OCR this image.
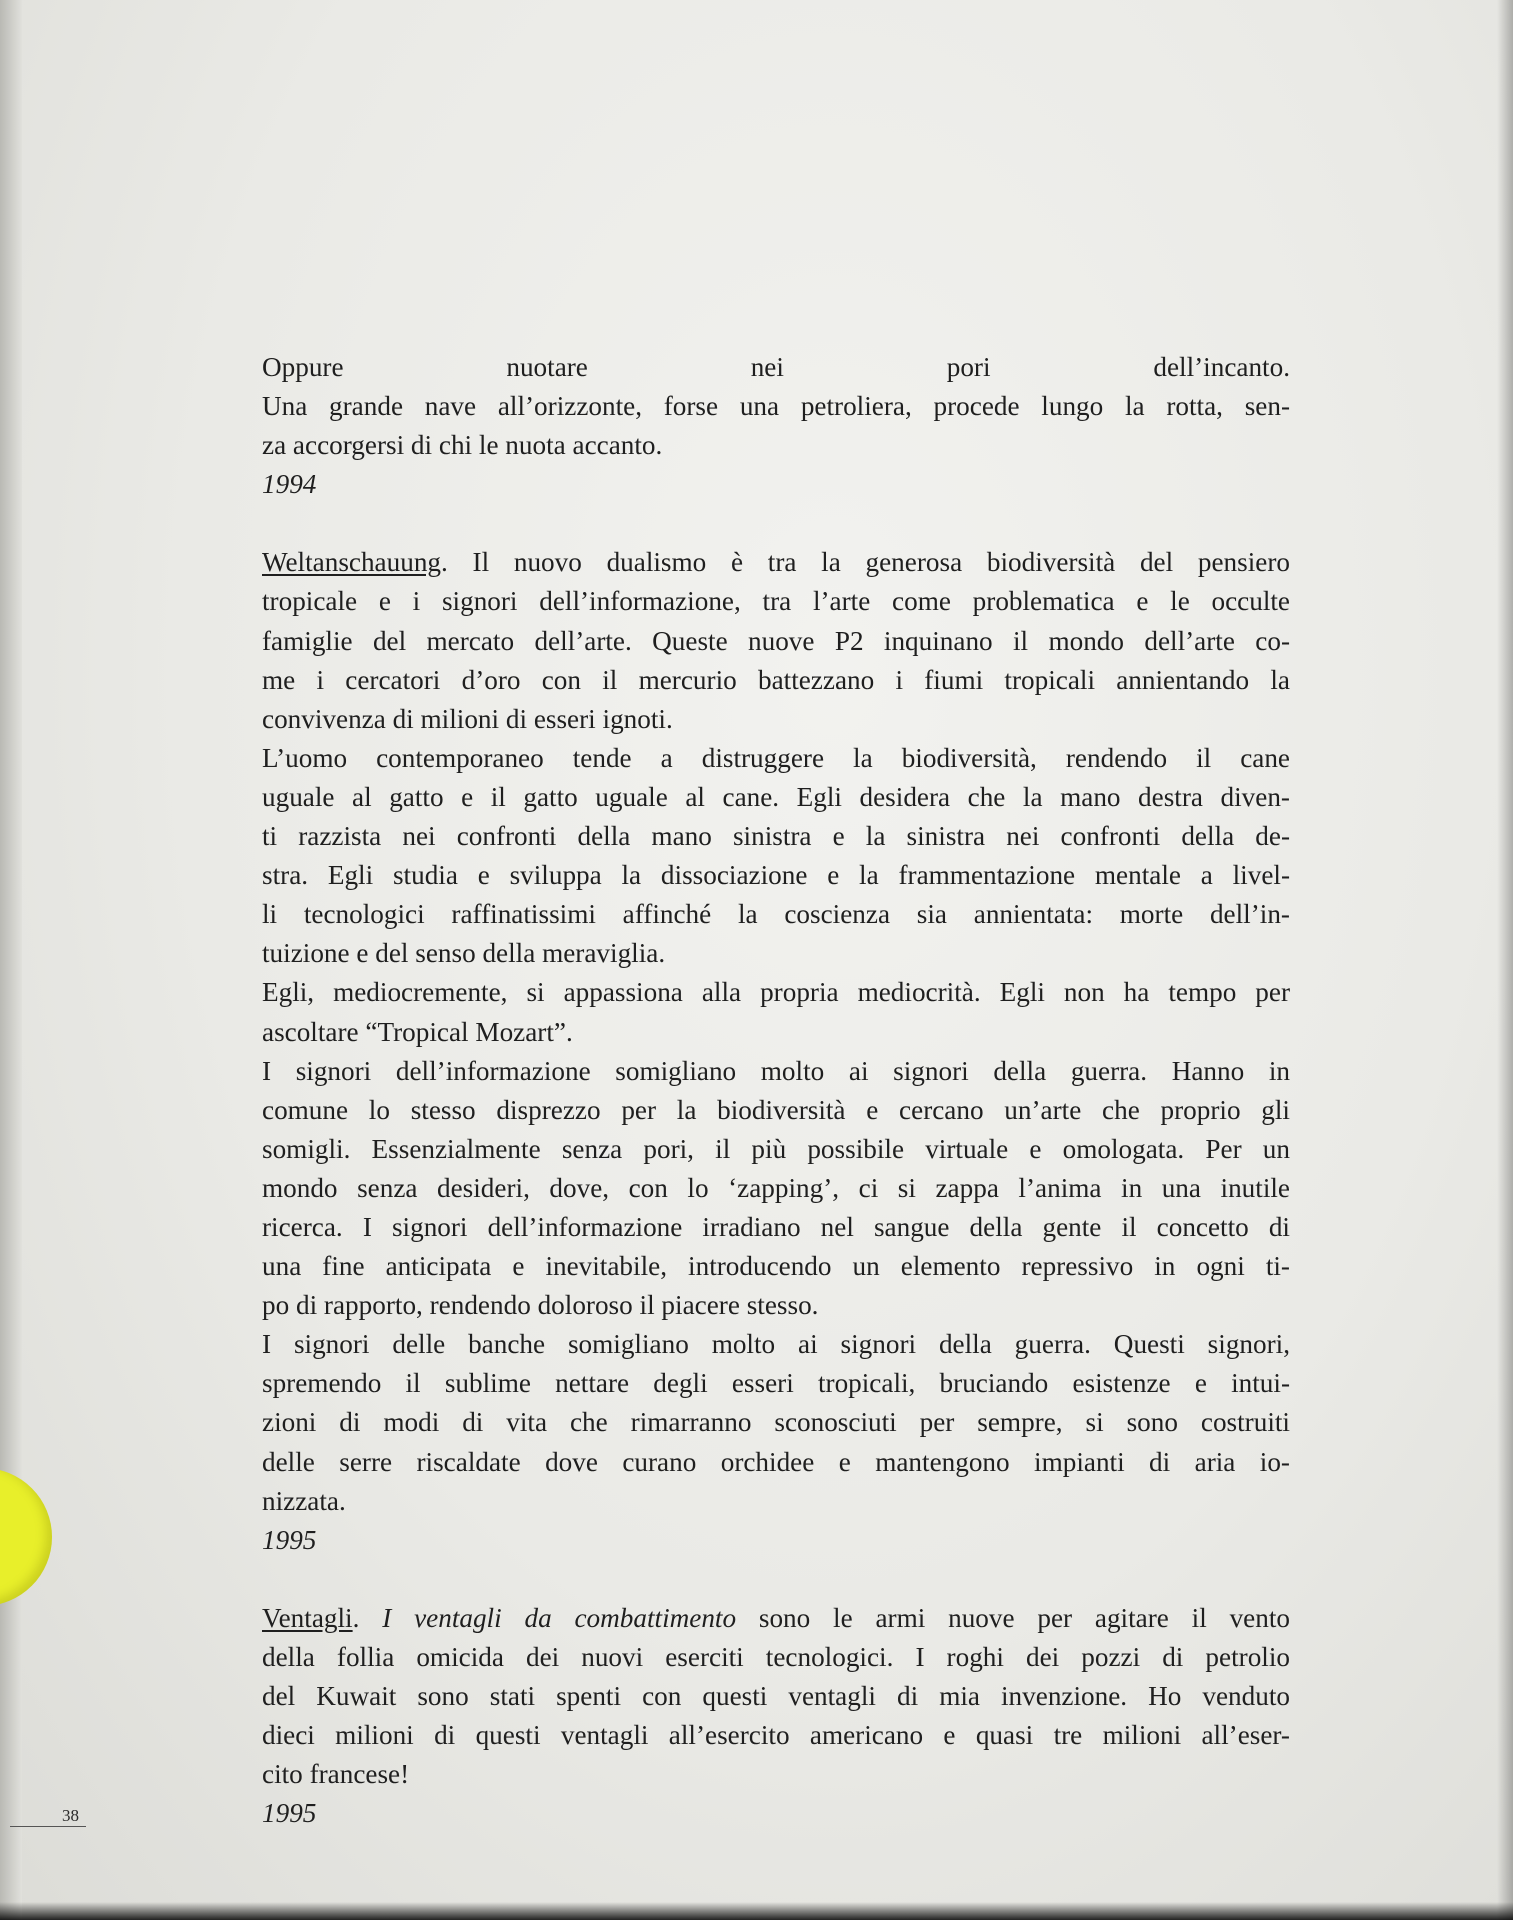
Oppure nuotare nei pori dell’incanto.
Una grande nave all’orizzonte, forse una petroliera, procede lungo la rotta, sen-
za accorgersi di chi le nuota accanto.
1994
Weltanschauung. Il nuovo dualismo è tra la generosa biodiversità del pensiero
tropicale e i signori dell’informazione, tra l’arte come problematica e le occulte
famiglie del mercato dell’arte. Queste nuove P2 inquinano il mondo dell’arte co-
me i cercatori d’oro con il mercurio battezzano i fiumi tropicali annientando la
convivenza di milioni di esseri ignoti.
L’uomo contemporaneo tende a distruggere la biodiversità, rendendo il cane
uguale al gatto e il gatto uguale al cane. Egli desidera che la mano destra diven-
ti razzista nei confronti della mano sinistra e la sinistra nei confronti della de-
stra. Egli studia e sviluppa la dissociazione e la frammentazione mentale a livel-
li tecnologici raffinatissimi affinché la coscienza sia annientata: morte dell’in-
tuizione e del senso della meraviglia.
Egli, mediocremente, si appassiona alla propria mediocrità. Egli non ha tempo per
ascoltare “Tropical Mozart”.
I signori dell’informazione somigliano molto ai signori della guerra. Hanno in
comune lo stesso disprezzo per la biodiversità e cercano un’arte che proprio gli
somigli. Essenzialmente senza pori, il più possibile virtuale e omologata. Per un
mondo senza desideri, dove, con lo ‘zapping’, ci si zappa l’anima in una inutile
ricerca. I signori dell’informazione irradiano nel sangue della gente il concetto di
una fine anticipata e inevitabile, introducendo un elemento repressivo in ogni ti-
po di rapporto, rendendo doloroso il piacere stesso.
I signori delle banche somigliano molto ai signori della guerra. Questi signori,
spremendo il sublime nettare degli esseri tropicali, bruciando esistenze e intui-
zioni di modi di vita che rimarranno sconosciuti per sempre, si sono costruiti
delle serre riscaldate dove curano orchidee e mantengono impianti di aria io-
nizzata.
1995
Ventagli. I ventagli da combattimento sono le armi nuove per agitare il vento
della follia omicida dei nuovi eserciti tecnologici. I roghi dei pozzi di petrolio
del Kuwait sono stati spenti con questi ventagli di mia invenzione. Ho venduto
dieci milioni di questi ventagli all’esercito americano e quasi tre milioni all’eser-
cito francese!
1995
38
